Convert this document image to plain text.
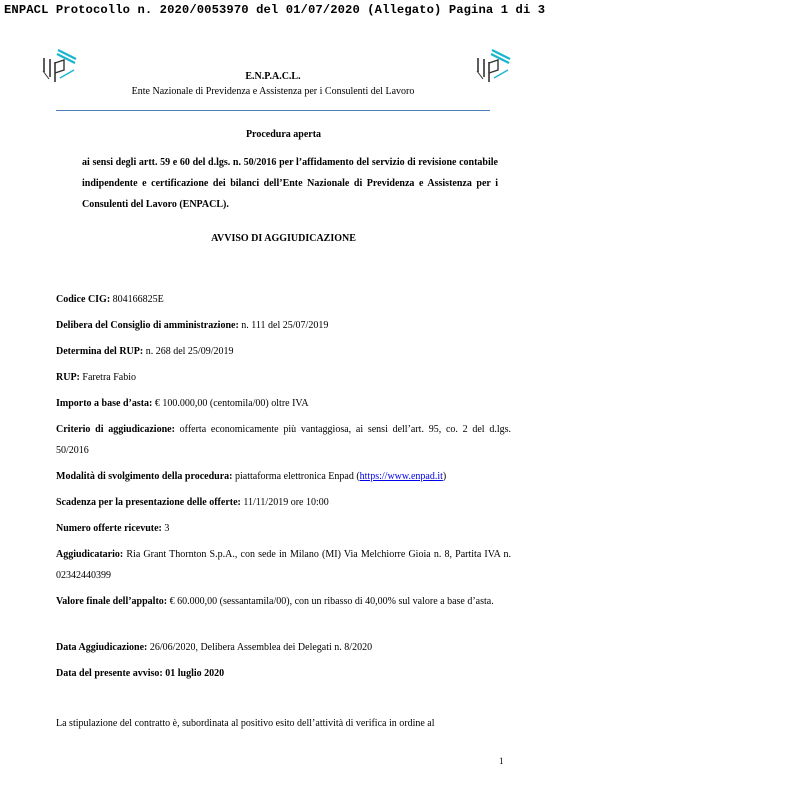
ENPACL Protocollo n. 2020/0053970 del 01/07/2020 (Allegato) Pagina 1 di 3
E.N.P.A.C.L.
Ente Nazionale di Previdenza e Assistenza per i Consulenti del Lavoro
Procedura aperta
ai sensi degli artt. 59 e 60 del d.lgs. n. 50/2016 per l’affidamento del servizio di revisione contabile indipendente e certificazione dei bilanci dell’Ente Nazionale di Previdenza e Assistenza per i Consulenti del Lavoro (ENPACL).
AVVISO DI AGGIUDICAZIONE
Codice CIG: 804166825E
Delibera del Consiglio di amministrazione: n. 111 del 25/07/2019
Determina del RUP: n. 268 del 25/09/2019
RUP: Faretra Fabio
Importo a base d’asta: € 100.000,00 (centomila/00) oltre IVA
Criterio di aggiudicazione: offerta economicamente più vantaggiosa, ai sensi dell’art. 95, co. 2 del d.lgs. 50/2016
Modalità di svolgimento della procedura: piattaforma elettronica Enpad (https://www.enpad.it)
Scadenza per la presentazione delle offerte: 11/11/2019 ore 10:00
Numero offerte ricevute: 3
Aggiudicatario: Ria Grant Thornton S.p.A., con sede in Milano (MI) Via Melchiorre Gioia n. 8, Partita IVA n. 02342440399
Valore finale dell’appalto: € 60.000,00 (sessantamila/00), con un ribasso di 40,00% sul valore a base d’asta.
Data Aggiudicazione: 26/06/2020, Delibera Assemblea dei Delegati n. 8/2020
Data del presente avviso: 01 luglio 2020
La stipulazione del contratto è, subordinata al positivo esito dell’attività di verifica in ordine al
1
